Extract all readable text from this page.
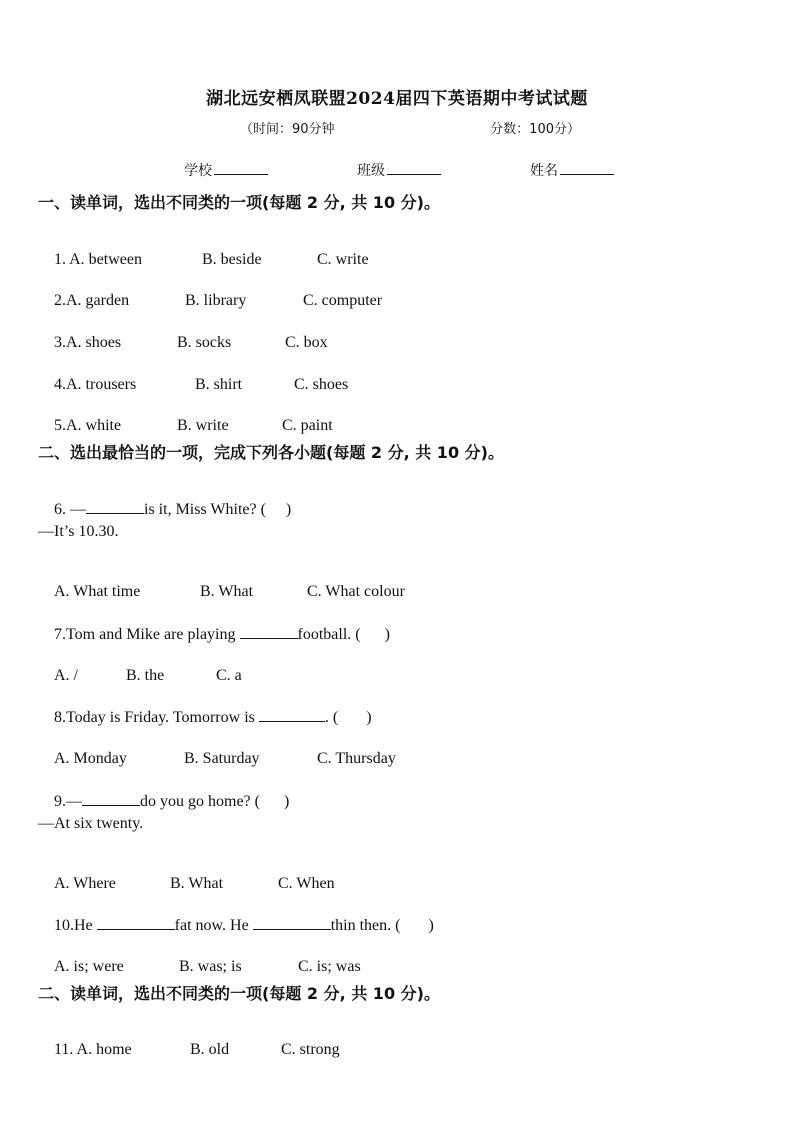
湖北远安栖凤联盟2024届四下英语期中考试试题
（时间：90分钟	分数：100分）
学校	班级	姓名
一、读单词，选出不同类的一项(每题 2 分, 共 10 分)。

1. A. between	B. beside	C. write

2.A. garden	B. library	C. computer

3.A. shoes	B. socks	C. box

4.A. trousers	B. shirt	C. shoes

5.A. white	B. write	C. paint

二、选出最恰当的一项，完成下列各小题(每题 2 分, 共 10 分)。

6. —	is it, Miss White? (     )

—It’s 10.30.

A. What time	B. What	C. What colour

7.Tom and Mike are playing	football. (      )

A. /	B. the	C. a

8.Today is Friday. Tomorrow is	. (       )

A. Monday	B. Saturday	C. Thursday

9.—	do you go home? (      )

—At six twenty.

A. Where	B. What	C. When

10.He	fat now. He	thin then. (       )

A. is; were	B. was; is	C. is; was

二、读单词，选出不同类的一项(每题 2 分, 共 10 分)。

11. A. home	B. old	C. strong
